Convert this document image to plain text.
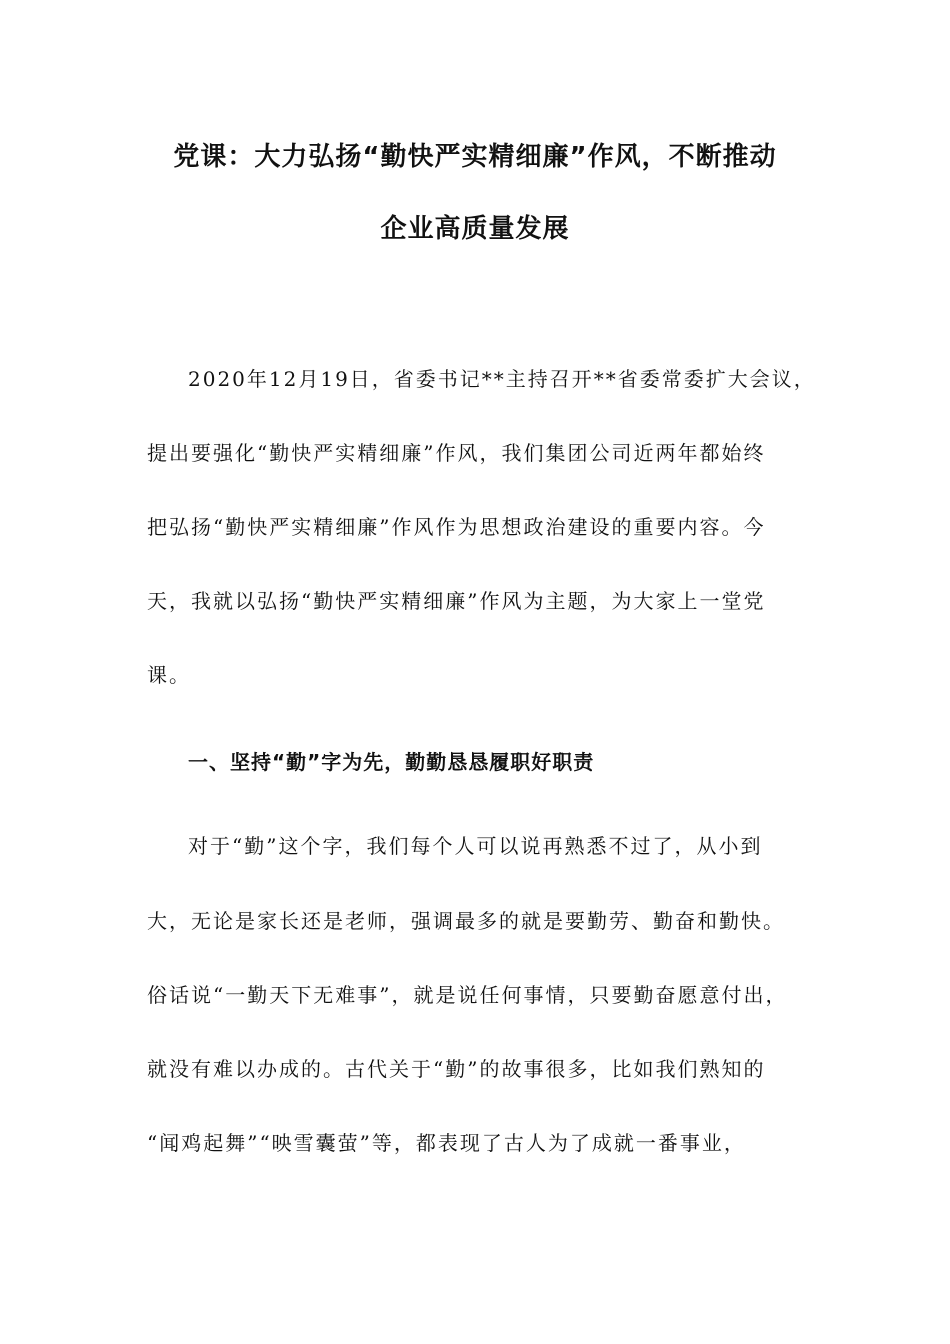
党课：大力弘扬“勤快严实精细廉”作风，不断推动
企业高质量发展
2020年12月19日，省委书记**主持召开**省委常委扩大会议，
提出要强化“勤快严实精细廉”作风，我们集团公司近两年都始终
把弘扬“勤快严实精细廉”作风作为思想政治建设的重要内容。今
天，我就以弘扬“勤快严实精细廉”作风为主题，为大家上一堂党
课。
一、坚持“勤”字为先，勤勤恳恳履职好职责
对于“勤”这个字，我们每个人可以说再熟悉不过了，从小到
大，无论是家长还是老师，强调最多的就是要勤劳、勤奋和勤快。
俗话说“一勤天下无难事”，就是说任何事情，只要勤奋愿意付出，
就没有难以办成的。古代关于“勤”的故事很多，比如我们熟知的
“闻鸡起舞”“映雪囊萤”等，都表现了古人为了成就一番事业，
